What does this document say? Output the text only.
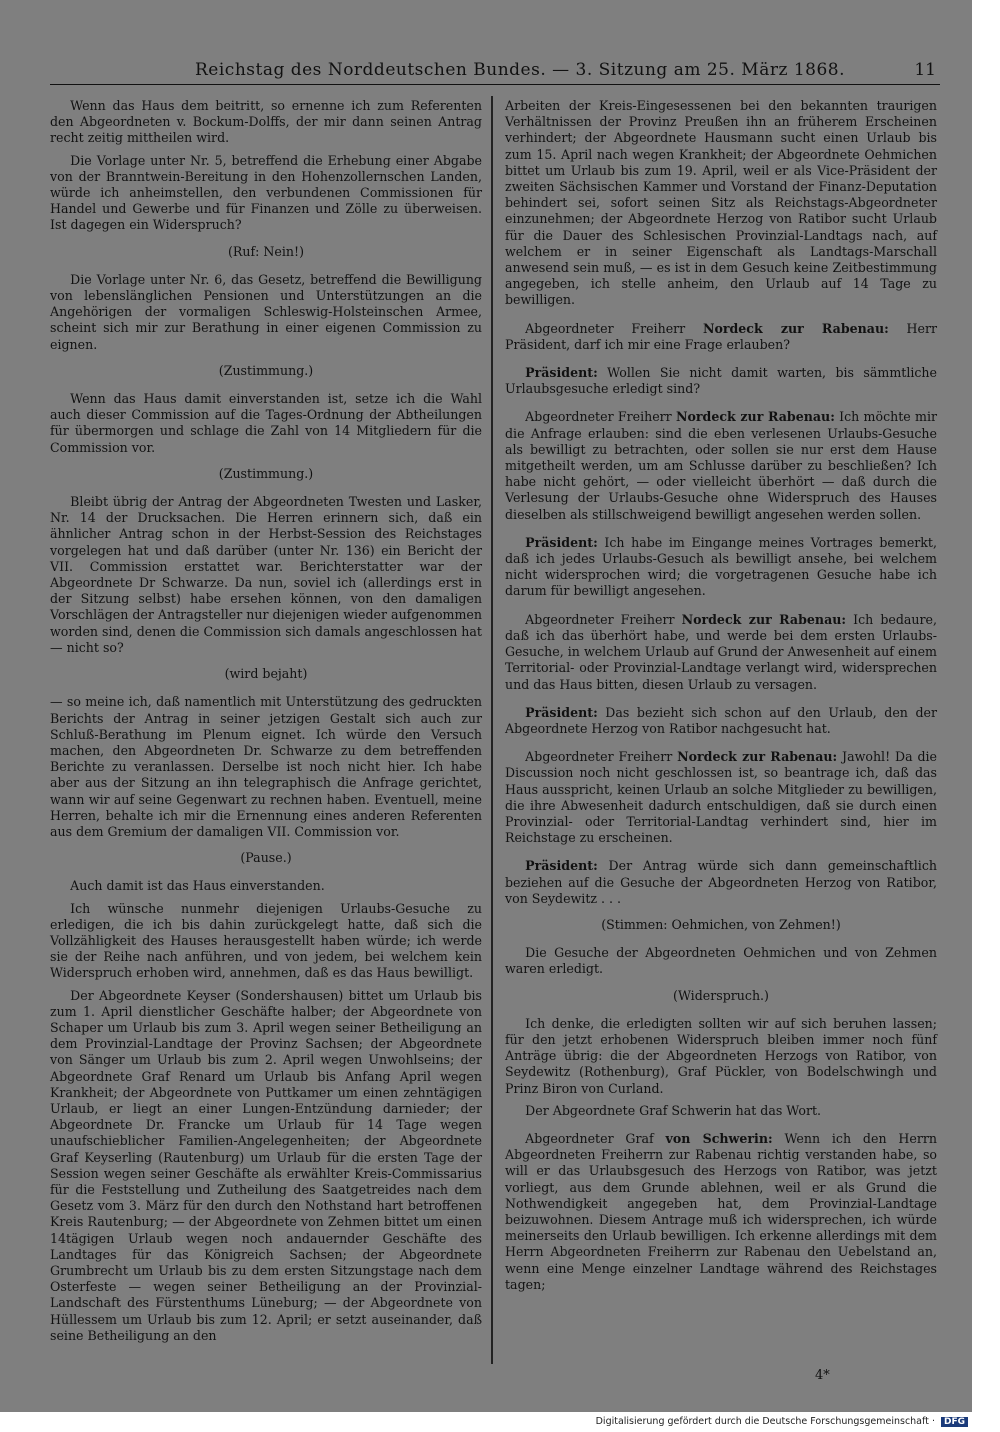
Reichstag des Norddeutschen Bundes. — 3. Sitzung am 25. März 1868.	11

Wenn das Haus dem beitritt, so ernenne ich zum Referenten den Abgeordneten v. Bockum-Dolffs, der mir dann seinen Antrag recht zeitig mittheilen wird.

Die Vorlage unter Nr. 5, betreffend die Erhebung einer Abgabe von der Branntwein-Bereitung in den Hohenzollernschen Landen, würde ich anheimstellen, den verbundenen Commissionen für Handel und Gewerbe und für Finanzen und Zölle zu überweisen. Ist dagegen ein Widerspruch?

(Ruf: Nein!)

Die Vorlage unter Nr. 6, das Gesetz, betreffend die Bewilligung von lebenslänglichen Pensionen und Unterstützungen an die Angehörigen der vormaligen Schleswig-Holsteinschen Armee, scheint sich mir zur Berathung in einer eigenen Commission zu eignen.

(Zustimmung.)

Wenn das Haus damit einverstanden ist, setze ich die Wahl auch dieser Commission auf die Tages-Ordnung der Abtheilungen für übermorgen und schlage die Zahl von 14 Mitgliedern für die Commission vor.

(Zustimmung.)

Bleibt übrig der Antrag der Abgeordneten Twesten und Lasker, Nr. 14 der Drucksachen. Die Herren erinnern sich, daß ein ähnlicher Antrag schon in der Herbst-Session des Reichstages vorgelegen hat und daß darüber (unter Nr. 136) ein Bericht der VII. Commission erstattet war. Berichterstatter war der Abgeordnete Dr Schwarze. Da nun, soviel ich (allerdings erst in der Sitzung selbst) habe ersehen können, von den damaligen Vorschlägen der Antragsteller nur diejenigen wieder aufgenommen worden sind, denen die Commission sich damals angeschlossen hat — nicht so?

(wird bejaht)

— so meine ich, daß namentlich mit Unterstützung des gedruckten Berichts der Antrag in seiner jetzigen Gestalt sich auch zur Schluß-Berathung im Plenum eignet. Ich würde den Versuch machen, den Abgeordneten Dr. Schwarze zu dem betreffenden Berichte zu veranlassen. Derselbe ist noch nicht hier. Ich habe aber aus der Sitzung an ihn telegraphisch die Anfrage gerichtet, wann wir auf seine Gegenwart zu rechnen haben. Eventuell, meine Herren, behalte ich mir die Ernennung eines anderen Referenten aus dem Gremium der damaligen VII. Commission vor.

(Pause.)

Auch damit ist das Haus einverstanden.

Ich wünsche nunmehr diejenigen Urlaubs-Gesuche zu erledigen, die ich bis dahin zurückgelegt hatte, daß sich die Vollzähligkeit des Hauses herausgestellt haben würde; ich werde sie der Reihe nach anführen, und von jedem, bei welchem kein Widerspruch erhoben wird, annehmen, daß es das Haus bewilligt.

Der Abgeordnete Keyser (Sondershausen) bittet um Urlaub bis zum 1. April dienstlicher Geschäfte halber; der Abgeordnete von Schaper um Urlaub bis zum 3. April wegen seiner Betheiligung an dem Provinzial-Landtage der Provinz Sachsen; der Abgeordnete von Sänger um Urlaub bis zum 2. April wegen Unwohlseins; der Abgeordnete Graf Renard um Urlaub bis Anfang April wegen Krankheit; der Abgeordnete von Puttkamer um einen zehntägigen Urlaub, er liegt an einer Lungen-Entzündung darnieder; der Abgeordnete Dr. Francke um Urlaub für 14 Tage wegen unaufschieblicher Familien-Angelegenheiten; der Abgeordnete Graf Keyserling (Rautenburg) um Urlaub für die ersten Tage der Session wegen seiner Geschäfte als erwählter Kreis-Commissarius für die Feststellung und Zutheilung des Saatgetreides nach dem Gesetz vom 3. März für den durch den Nothstand hart betroffenen Kreis Rautenburg; — der Abgeordnete von Zehmen bittet um einen 14tägigen Urlaub wegen noch andauernder Geschäfte des Landtages für das Königreich Sachsen; der Abgeordnete Grumbrecht um Urlaub bis zu dem ersten Sitzungstage nach dem Osterfeste — wegen seiner Betheiligung an der Provinzial-Landschaft des Fürstenthums Lüneburg; — der Abgeordnete von Hüllessem um Urlaub bis zum 12. April; er setzt auseinander, daß seine Betheiligung an den

Arbeiten der Kreis-Eingesessenen bei den bekannten traurigen Verhältnissen der Provinz Preußen ihn an früherem Erscheinen verhindert; der Abgeordnete Hausmann sucht einen Urlaub bis zum 15. April nach wegen Krankheit; der Abgeordnete Oehmichen bittet um Urlaub bis zum 19. April, weil er als Vice-Präsident der zweiten Sächsischen Kammer und Vorstand der Finanz-Deputation behindert sei, sofort seinen Sitz als Reichstags-Abgeordneter einzunehmen; der Abgeordnete Herzog von Ratibor sucht Urlaub für die Dauer des Schlesischen Provinzial-Landtags nach, auf welchem er in seiner Eigenschaft als Landtags-Marschall anwesend sein muß, — es ist in dem Gesuch keine Zeitbestimmung angegeben, ich stelle anheim, den Urlaub auf 14 Tage zu bewilligen.

Abgeordneter Freiherr Nordeck zur Rabenau: Herr Präsident, darf ich mir eine Frage erlauben?

Präsident: Wollen Sie nicht damit warten, bis sämmtliche Urlaubsgesuche erledigt sind?

Abgeordneter Freiherr Nordeck zur Rabenau: Ich möchte mir die Anfrage erlauben: sind die eben verlesenen Urlaubs-Gesuche als bewilligt zu betrachten, oder sollen sie nur erst dem Hause mitgetheilt werden, um am Schlusse darüber zu beschließen? Ich habe nicht gehört, — oder vielleicht überhört — daß durch die Verlesung der Urlaubs-Gesuche ohne Widerspruch des Hauses dieselben als stillschweigend bewilligt angesehen werden sollen.

Präsident: Ich habe im Eingange meines Vortrages bemerkt, daß ich jedes Urlaubs-Gesuch als bewilligt ansehe, bei welchem nicht widersprochen wird; die vorgetragenen Gesuche habe ich darum für bewilligt angesehen.

Abgeordneter Freiherr Nordeck zur Rabenau: Ich bedaure, daß ich das überhört habe, und werde bei dem ersten Urlaubs-Gesuche, in welchem Urlaub auf Grund der Anwesenheit auf einem Territorial- oder Provinzial-Landtage verlangt wird, widersprechen und das Haus bitten, diesen Urlaub zu versagen.

Präsident: Das bezieht sich schon auf den Urlaub, den der Abgeordnete Herzog von Ratibor nachgesucht hat.

Abgeordneter Freiherr Nordeck zur Rabenau: Jawohl! Da die Discussion noch nicht geschlossen ist, so beantrage ich, daß das Haus ausspricht, keinen Urlaub an solche Mitglieder zu bewilligen, die ihre Abwesenheit dadurch entschuldigen, daß sie durch einen Provinzial- oder Territorial-Landtag verhindert sind, hier im Reichstage zu erscheinen.

Präsident: Der Antrag würde sich dann gemeinschaftlich beziehen auf die Gesuche der Abgeordneten Herzog von Ratibor, von Seydewitz . . .

(Stimmen: Oehmichen, von Zehmen!)

Die Gesuche der Abgeordneten Oehmichen und von Zehmen waren erledigt.

(Widerspruch.)

Ich denke, die erledigten sollten wir auf sich beruhen lassen; für den jetzt erhobenen Widerspruch bleiben immer noch fünf Anträge übrig: die der Abgeordneten Herzogs von Ratibor, von Seydewitz (Rothenburg), Graf Pückler, von Bodelschwingh und Prinz Biron von Curland.

Der Abgeordnete Graf Schwerin hat das Wort.

Abgeordneter Graf von Schwerin: Wenn ich den Herrn Abgeordneten Freiherrn zur Rabenau richtig verstanden habe, so will er das Urlaubsgesuch des Herzogs von Ratibor, was jetzt vorliegt, aus dem Grunde ablehnen, weil er als Grund die Nothwendigkeit angegeben hat, dem Provinzial-Landtage beizuwohnen. Diesem Antrage muß ich widersprechen, ich würde meinerseits den Urlaub bewilligen. Ich erkenne allerdings mit dem Herrn Abgeordneten Freiherrn zur Rabenau den Uebelstand an, wenn eine Menge einzelner Landtage während des Reichstages tagen;

4*
Digitalisierung gefördert durch die Deutsche Forschungsgemeinschaft · DFG
